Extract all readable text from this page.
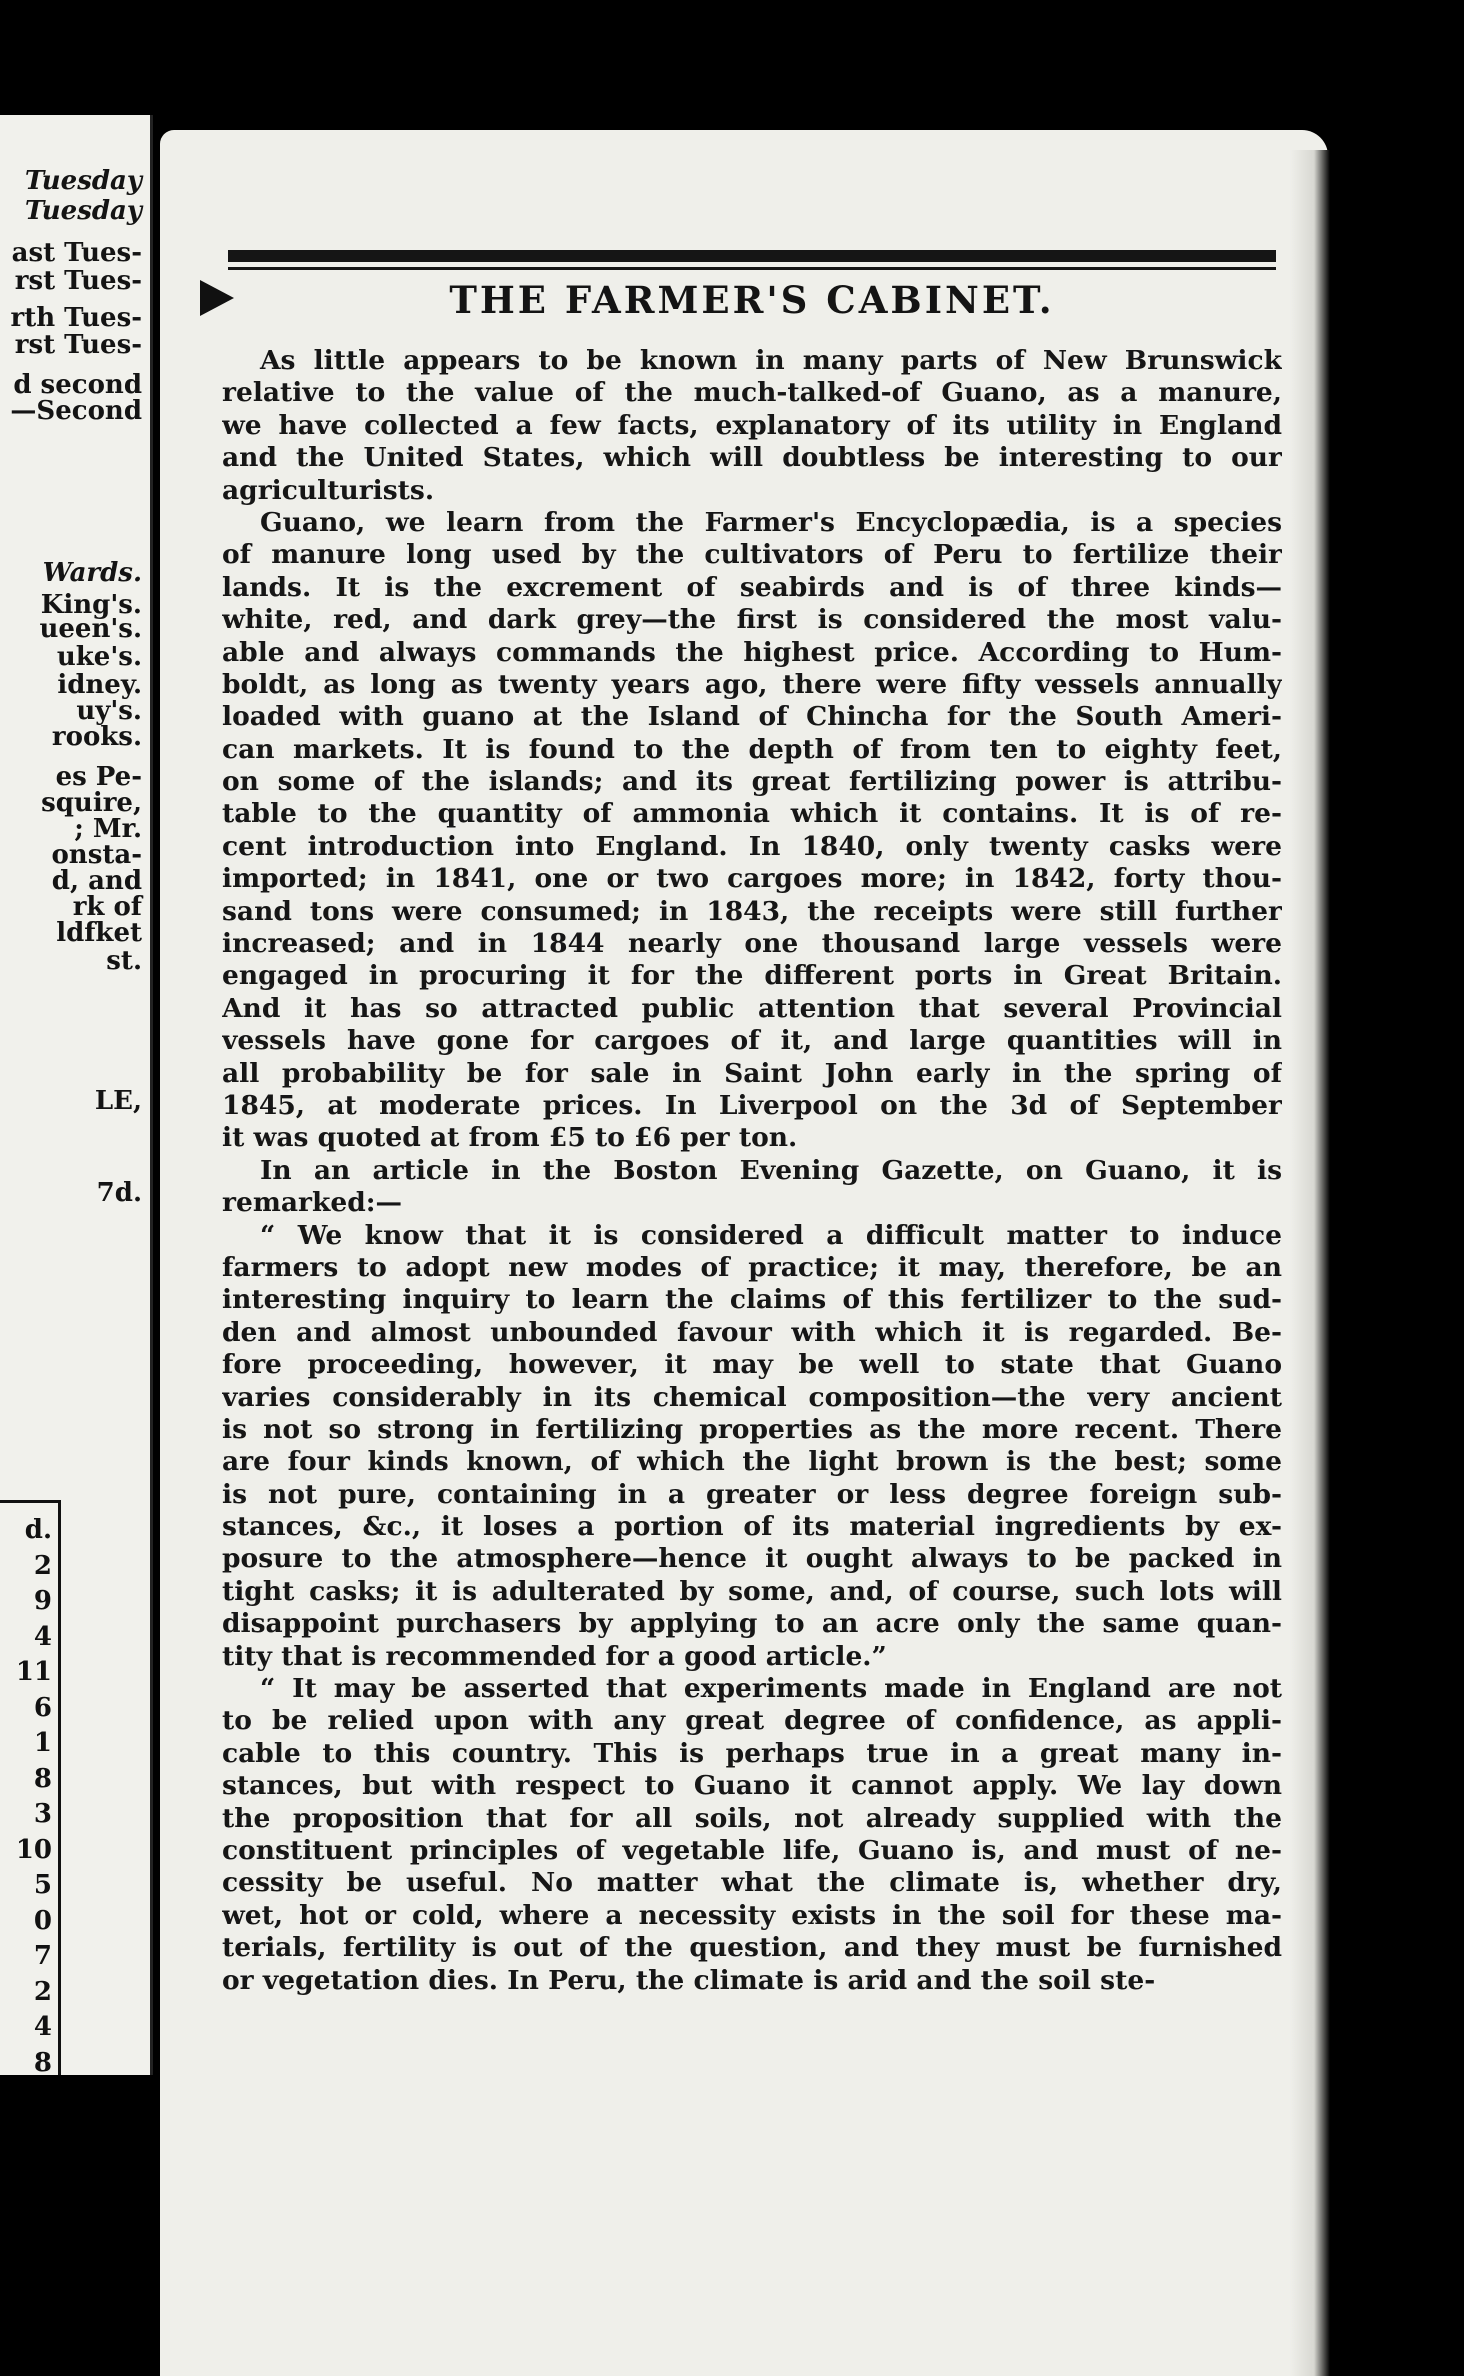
Tuesday
Tuesday
ast Tues-
rst Tues-
rth Tues-
rst Tues-
d second
—Second
Wards.
King's.
ueen's.
uke's.
idney.
uy's.
rooks.
es Pe-
squire,
; Mr.
onsta-
d, and
rk of
ldfket
st.
LE,
7d.
d.
2
9
4
11
6
1
8
3
10
5
0
7
2
4
8
THE FARMER'S CABINET.
As little appears to be known in many parts of New Brunswick
relative to the value of the much-talked-of Guano, as a manure,
we have collected a few facts, explanatory of its utility in England
and the United States, which will doubtless be interesting to our
agriculturists.
Guano, we learn from the Farmer's Encyclopædia, is a species
of manure long used by the cultivators of Peru to fertilize their
lands. It is the excrement of seabirds and is of three kinds—
white, red, and dark grey—the first is considered the most valu-
able and always commands the highest price. According to Hum-
boldt, as long as twenty years ago, there were fifty vessels annually
loaded with guano at the Island of Chincha for the South Ameri-
can markets. It is found to the depth of from ten to eighty feet,
on some of the islands; and its great fertilizing power is attribu-
table to the quantity of ammonia which it contains. It is of re-
cent introduction into England. In 1840, only twenty casks were
imported; in 1841, one or two cargoes more; in 1842, forty thou-
sand tons were consumed; in 1843, the receipts were still further
increased; and in 1844 nearly one thousand large vessels were
engaged in procuring it for the different ports in Great Britain.
And it has so attracted public attention that several Provincial
vessels have gone for cargoes of it, and large quantities will in
all probability be for sale in Saint John early in the spring of
1845, at moderate prices. In Liverpool on the 3d of September
it was quoted at from £5 to £6 per ton.
In an article in the Boston Evening Gazette, on Guano, it is
remarked:—
“ We know that it is considered a difficult matter to induce
farmers to adopt new modes of practice; it may, therefore, be an
interesting inquiry to learn the claims of this fertilizer to the sud-
den and almost unbounded favour with which it is regarded. Be-
fore proceeding, however, it may be well to state that Guano
varies considerably in its chemical composition—the very ancient
is not so strong in fertilizing properties as the more recent. There
are four kinds known, of which the light brown is the best; some
is not pure, containing in a greater or less degree foreign sub-
stances, &c., it loses a portion of its material ingredients by ex-
posure to the atmosphere—hence it ought always to be packed in
tight casks; it is adulterated by some, and, of course, such lots will
disappoint purchasers by applying to an acre only the same quan-
tity that is recommended for a good article.”
“ It may be asserted that experiments made in England are not
to be relied upon with any great degree of confidence, as appli-
cable to this country. This is perhaps true in a great many in-
stances, but with respect to Guano it cannot apply. We lay down
the proposition that for all soils, not already supplied with the
constituent principles of vegetable life, Guano is, and must of ne-
cessity be useful. No matter what the climate is, whether dry,
wet, hot or cold, where a necessity exists in the soil for these ma-
terials, fertility is out of the question, and they must be furnished
or vegetation dies. In Peru, the climate is arid and the soil ste-
